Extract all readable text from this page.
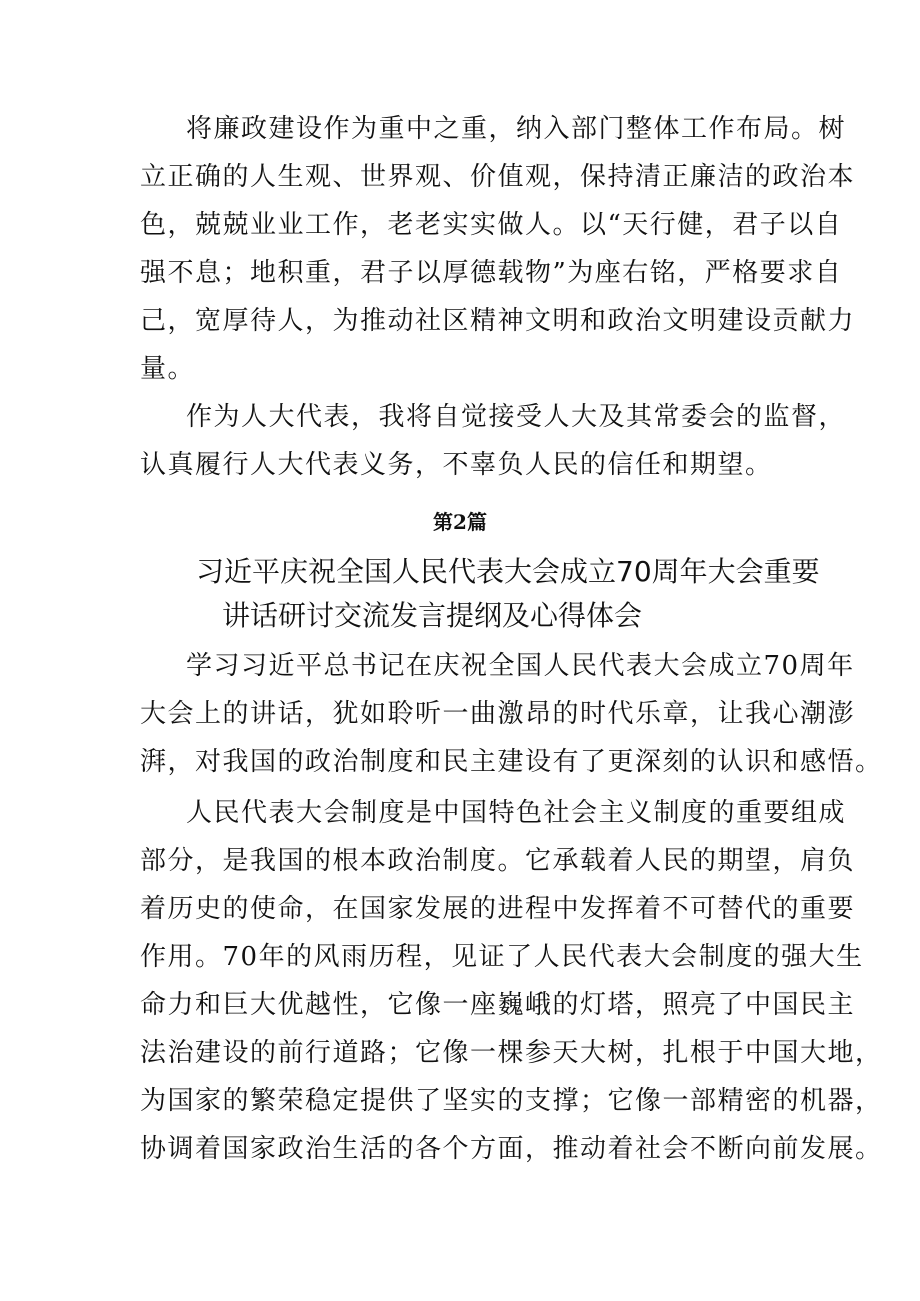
将廉政建设作为重中之重，纳入部门整体工作布局。树
立正确的人生观、世界观、价值观，保持清正廉洁的政治本
色，兢兢业业工作，老老实实做人。以“天行健，君子以自
强不息；地积重，君子以厚德载物”为座右铭，严格要求自
己，宽厚待人，为推动社区精神文明和政治文明建设贡献力
量。
作为人大代表，我将自觉接受人大及其常委会的监督，
认真履行人大代表义务，不辜负人民的信任和期望。
第2篇
习近平庆祝全国人民代表大会成立70周年大会重要
讲话研讨交流发言提纲及心得体会
学习习近平总书记在庆祝全国人民代表大会成立70周年
大会上的讲话，犹如聆听一曲激昂的时代乐章，让我心潮澎
湃，对我国的政治制度和民主建设有了更深刻的认识和感悟。
人民代表大会制度是中国特色社会主义制度的重要组成
部分，是我国的根本政治制度。它承载着人民的期望，肩负
着历史的使命，在国家发展的进程中发挥着不可替代的重要
作用。70年的风雨历程，见证了人民代表大会制度的强大生
命力和巨大优越性，它像一座巍峨的灯塔，照亮了中国民主
法治建设的前行道路；它像一棵参天大树，扎根于中国大地，
为国家的繁荣稳定提供了坚实的支撑；它像一部精密的机器，
协调着国家政治生活的各个方面，推动着社会不断向前发展。
